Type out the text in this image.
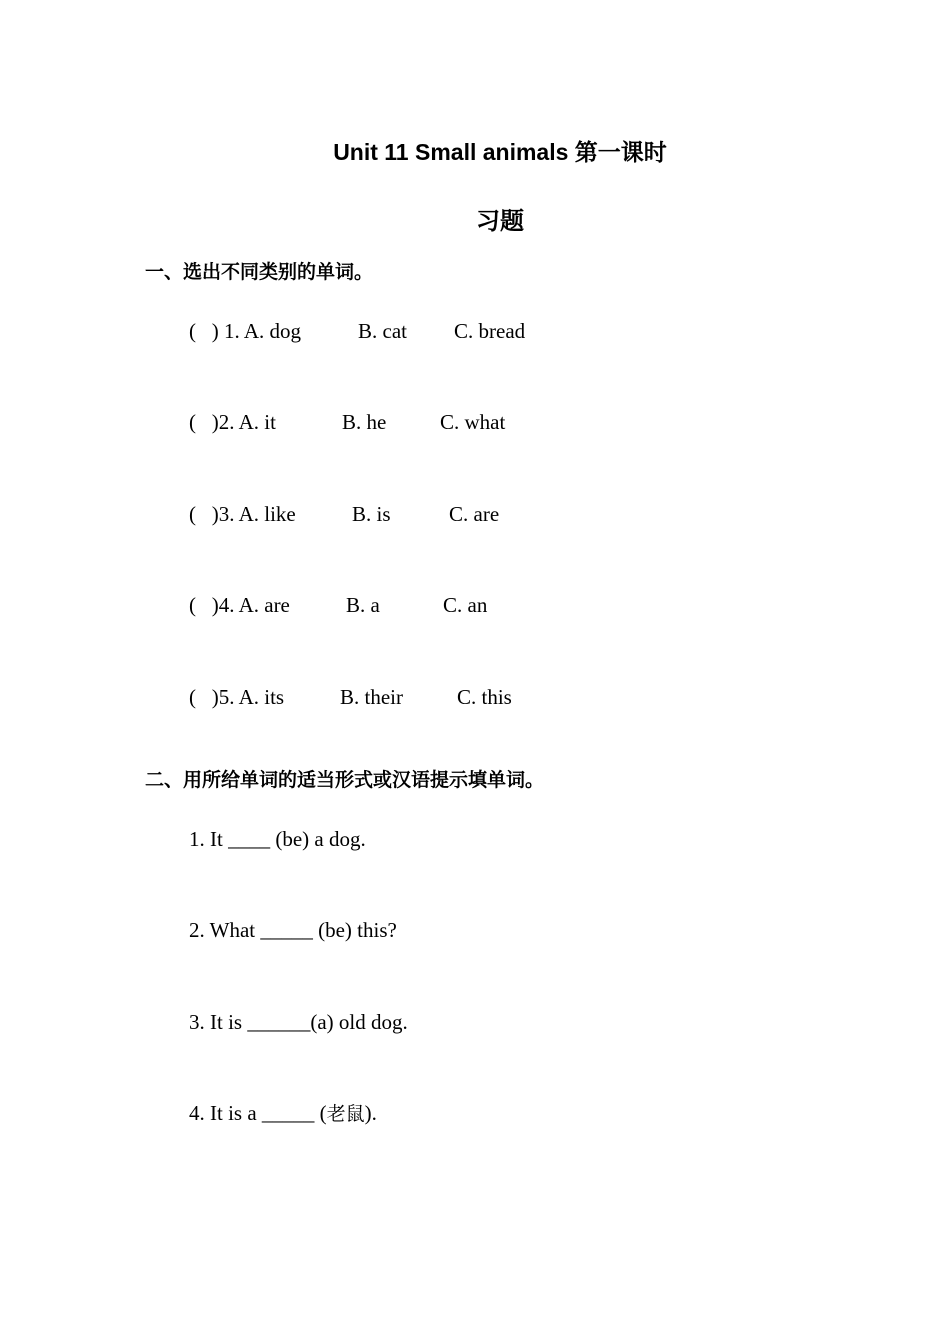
Unit 11 Small animals 第一课时
习题
一、选出不同类别的单词。
(   ) 1. A. dog	B. cat C. bread
(   )2. A. it	B. he	C. what
(   )3. A. like	B. is	C. are
(   )4. A. are	B. a	C. an
(   )5. A. its	B. their	C. this
二、用所给单词的适当形式或汉语提示填单词。
1. It ____ (be) a dog.
2. What _____ (be) this?
3. It is ______(a) old dog.
4. It is a _____ (老鼠).
